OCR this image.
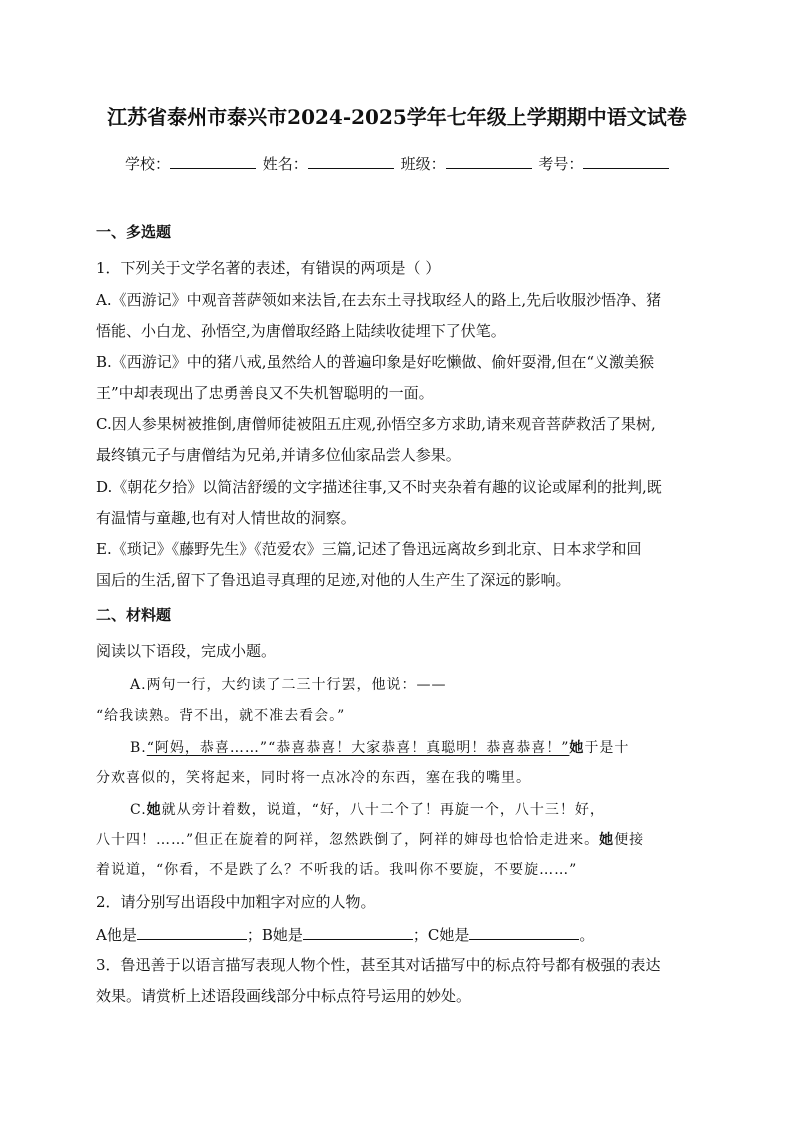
江苏省泰州市泰兴市2024-2025学年七年级上学期期中语文试卷
学校：	姓名：	班级：	考号：
一、多选题
1．下列关于文学名著的表述，有错误的两项是（ ）
A.《西游记》中观音菩萨领如来法旨,在去东土寻找取经人的路上,先后收服沙悟净、猪
悟能、小白龙、孙悟空,为唐僧取经路上陆续收徒埋下了伏笔。
B.《西游记》中的猪八戒,虽然给人的普遍印象是好吃懒做、偷奸耍滑,但在“义激美猴
王”中却表现出了忠勇善良又不失机智聪明的一面。
C.因人参果树被推倒,唐僧师徒被阻五庄观,孙悟空多方求助,请来观音菩萨救活了果树,
最终镇元子与唐僧结为兄弟,并请多位仙家品尝人参果。
D.《朝花夕拾》以简洁舒缓的文字描述往事,又不时夹杂着有趣的议论或犀利的批判,既
有温情与童趣,也有对人情世故的洞察。
E.《琐记》《藤野先生》《范爱农》三篇,记述了鲁迅远离故乡到北京、日本求学和回
国后的生活,留下了鲁迅追寻真理的足迹,对他的人生产生了深远的影响。
二、材料题
阅读以下语段，完成小题。
A.两句一行，大约读了二三十行罢，他说：——
“给我读熟。背不出，就不准去看会。”
B.“阿妈，恭喜……”“恭喜恭喜！大家恭喜！真聪明！恭喜恭喜！”她于是十
分欢喜似的，笑将起来，同时将一点冰冷的东西，塞在我的嘴里。
C.她就从旁计着数，说道，“好，八十二个了！再旋一个，八十三！好，
八十四！……”但正在旋着的阿祥，忽然跌倒了，阿祥的婶母也恰恰走进来。她便接
着说道，“你看，不是跌了么？不听我的话。我叫你不要旋，不要旋……”
2．请分别写出语段中加粗字对应的人物。
A他是	；B她是	；C她是	。
3．鲁迅善于以语言描写表现人物个性，甚至其对话描写中的标点符号都有极强的表达
效果。请赏析上述语段画线部分中标点符号运用的妙处。
